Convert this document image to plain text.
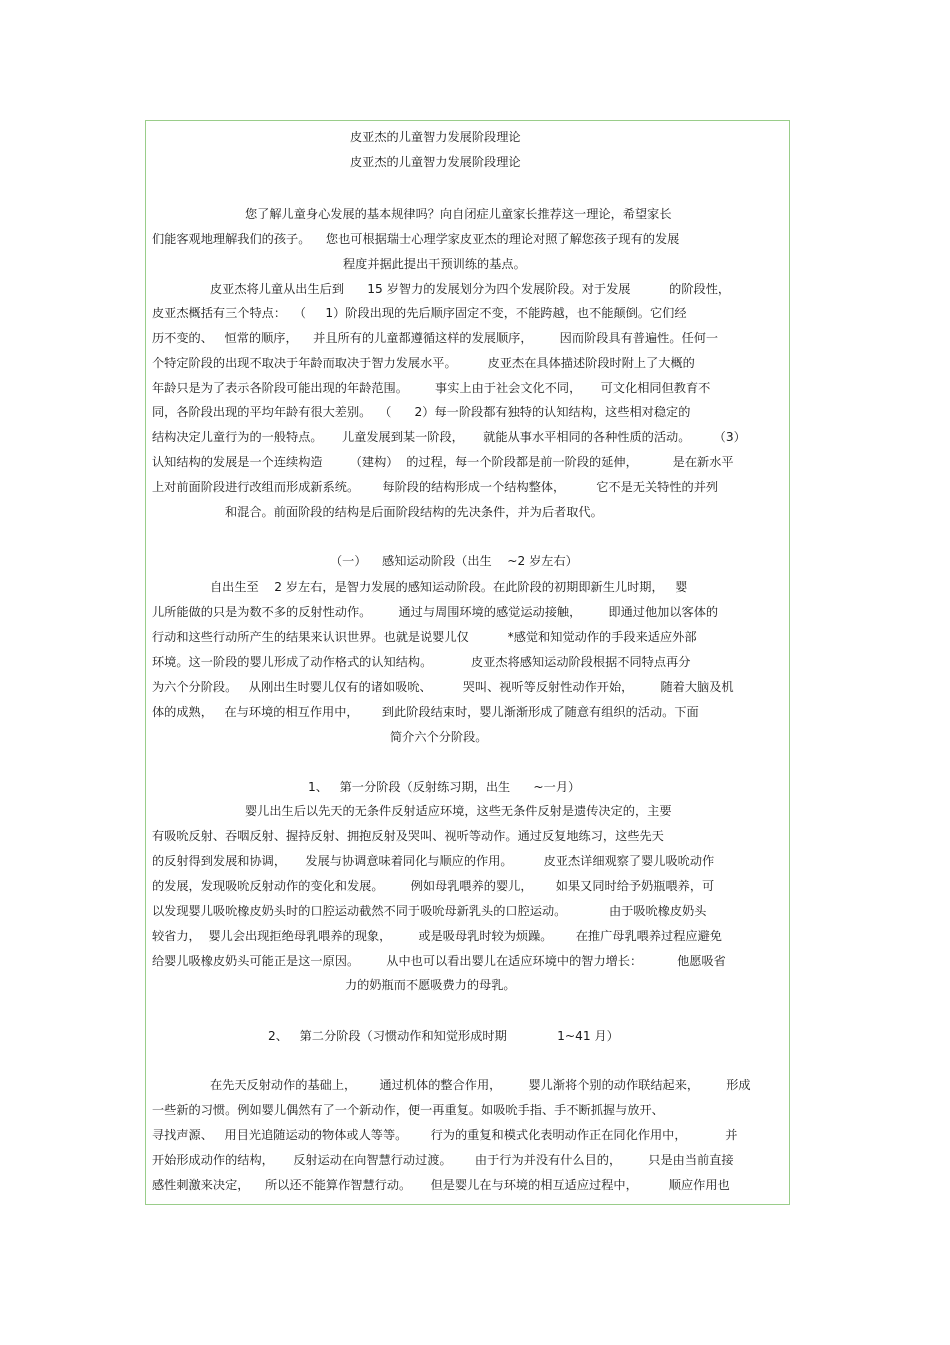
皮亚杰的儿童智力发展阶段理论
皮亚杰的儿童智力发展阶段理论
您了解儿童身心发展的基本规律吗？向自闭症儿童家长推荐这一理论，希望家长
们能客观地理解我们的孩子。    您也可根据瑞士心理学家皮亚杰的理论对照了解您孩子现有的发展
程度并据此提出干预训练的基点。
皮亚杰将儿童从出生后到      15 岁智力的发展划分为四个发展阶段。对于发展          的阶段性，
皮亚杰概括有三个特点：  （     1）阶段出现的先后顺序固定不变，不能跨越，也不能颠倒。它们经
历不变的、   恒常的顺序，    并且所有的儿童都遵循这样的发展顺序，       因而阶段具有普遍性。任何一
个特定阶段的出现不取决于年龄而取决于智力发展水平。        皮亚杰在具体描述阶段时附上了大概的
年龄只是为了表示各阶段可能出现的年龄范围。       事实上由于社会文化不同，     可文化相同但教育不
同，各阶段出现的平均年龄有很大差别。  （      2）每一阶段都有独特的认知结构，这些相对稳定的
结构决定儿童行为的一般特点。     儿童发展到某一阶段，     就能从事水平相同的各种性质的活动。      （3）
认知结构的发展是一个连续构造       （建构）  的过程，每一个阶段都是前一阶段的延伸，         是在新水平
上对前面阶段进行改组而形成新系统。      每阶段的结构形成一个结构整体，        它不是无关特性的并列
和混合。前面阶段的结构是后面阶段结构的先决条件，并为后者取代。
（一）    感知运动阶段（出生    ~2 岁左右）
自出生至    2 岁左右，是智力发展的感知运动阶段。在此阶段的初期即新生儿时期，   婴
儿所能做的只是为数不多的反射性动作。       通过与周围环境的感觉运动接触，       即通过他加以客体的
行动和这些行动所产生的结果来认识世界。也就是说婴儿仅          *感觉和知觉动作的手段来适应外部
环境。这一阶段的婴儿形成了动作格式的认知结构。          皮亚杰将感知运动阶段根据不同特点再分
为六个分阶段。   从刚出生时婴儿仅有的诸如吸吮、        哭叫、视听等反射性动作开始，       随着大脑及机
体的成熟，   在与环境的相互作用中，      到此阶段结束时，婴儿渐渐形成了随意有组织的活动。下面
简介六个分阶段。
1、   第一分阶段（反射练习期，出生      ~一月）
婴儿出生后以先天的无条件反射适应环境，这些无条件反射是遗传决定的，主要
有吸吮反射、吞咽反射、握持反射、拥抱反射及哭叫、视听等动作。通过反复地练习，这些先天
的反射得到发展和协调，     发展与协调意味着同化与顺应的作用。        皮亚杰详细观察了婴儿吸吮动作
的发展，发现吸吮反射动作的变化和发展。       例如母乳喂养的婴儿，      如果又同时给予奶瓶喂养，可
以发现婴儿吸吮橡皮奶头时的口腔运动截然不同于吸吮母新乳头的口腔运动。           由于吸吮橡皮奶头
较省力，  婴儿会出现拒绝母乳喂养的现象，       或是吸母乳时较为烦躁。      在推广母乳喂养过程应避免
给婴儿吸橡皮奶头可能正是这一原因。       从中也可以看出婴儿在适应环境中的智力增长：         他愿吸省
力的奶瓶而不愿吸费力的母乳。
2、   第二分阶段（习惯动作和知觉形成时期             1~41 月）
在先天反射动作的基础上，      通过机体的整合作用，       婴儿渐将个别的动作联结起来，       形成
一些新的习惯。例如婴儿偶然有了一个新动作，便一再重复。如吸吮手指、手不断抓握与放开、
寻找声源、   用目光追随运动的物体或人等等。      行为的重复和模式化表明动作正在同化作用中，          并
开始形成动作的结构，     反射运动在向智慧行动过渡。      由于行为并没有什么目的，       只是由当前直接
感性刺激来决定，    所以还不能算作智慧行动。     但是婴儿在与环境的相互适应过程中，        顺应作用也
